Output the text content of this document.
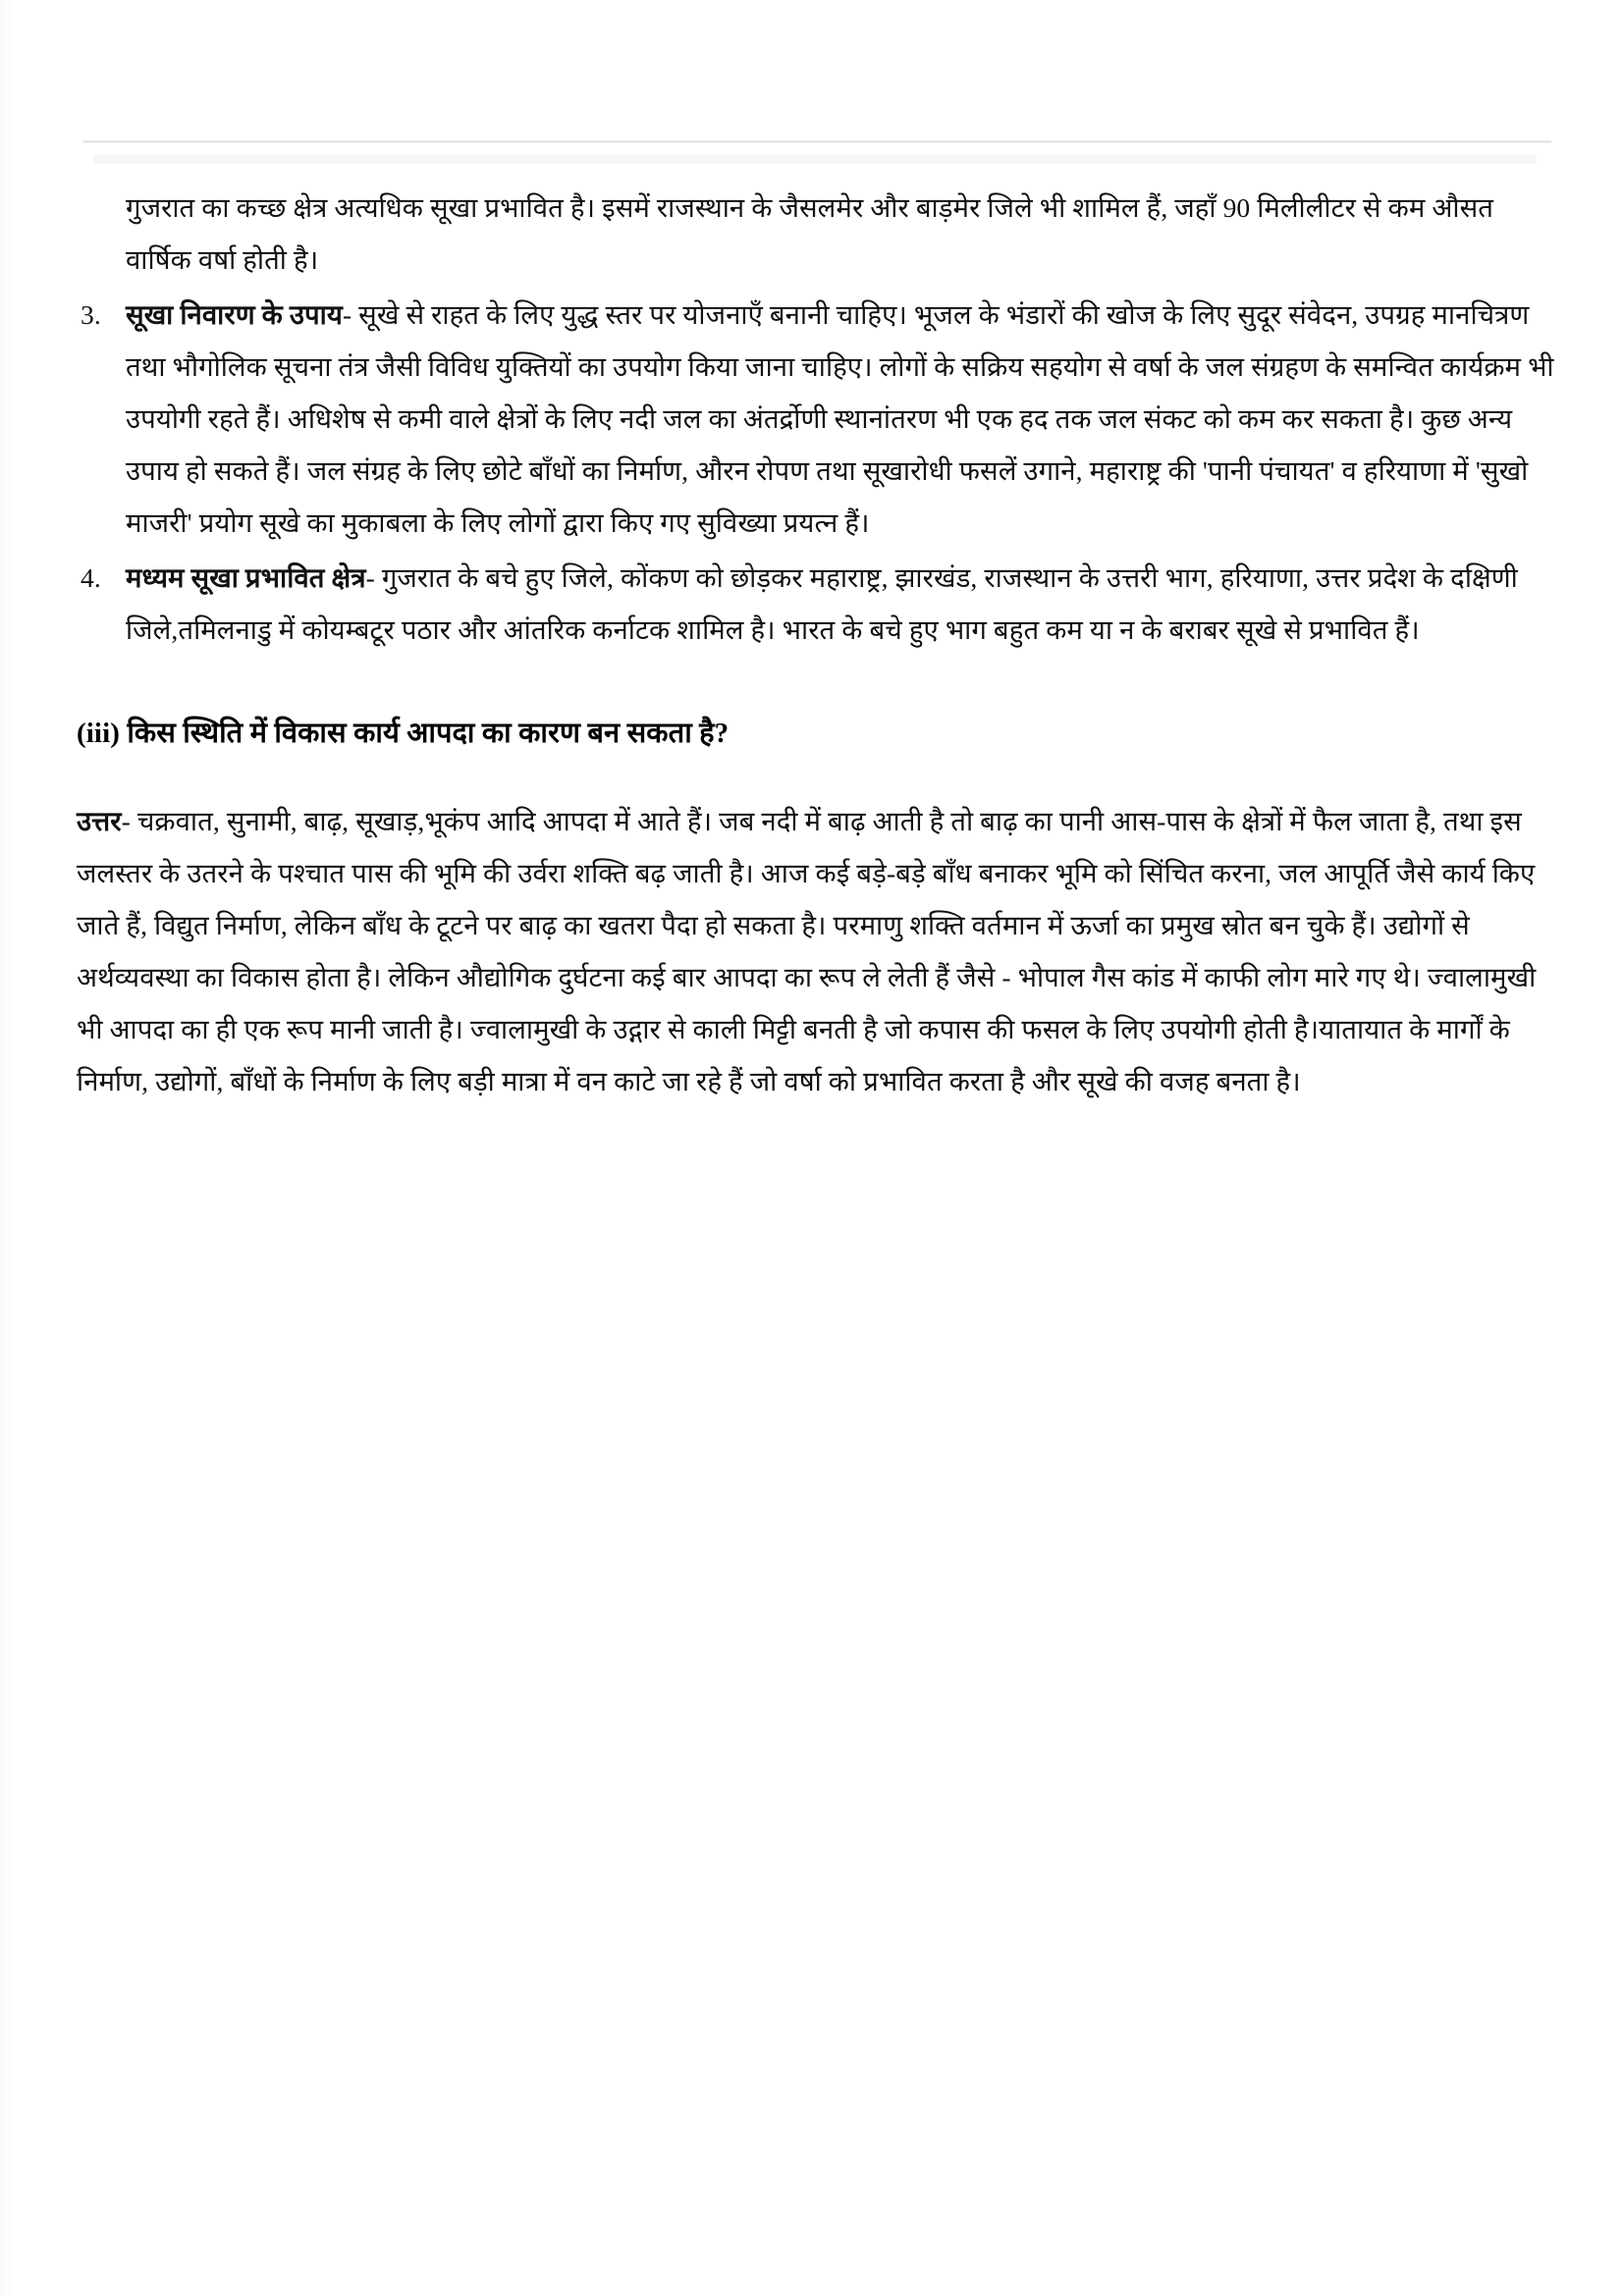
गुजरात का कच्छ क्षेत्र अत्यधिक सूखा प्रभावित है। इसमें राजस्थान के जैसलमेर और बाड़मेर जिले भी शामिल हैं, जहाँ 90 मिलीलीटर से कम औसत वार्षिक वर्षा होती है।

3. सूखा निवारण के उपाय- सूखे से राहत के लिए युद्ध स्तर पर योजनाएँ बनानी चाहिए। भूजल के भंडारों की खोज के लिए सुदूर संवेदन, उपग्रह मानचित्रण तथा भौगोलिक सूचना तंत्र जैसी विविध युक्तियों का उपयोग किया जाना चाहिए। लोगों के सक्रिय सहयोग से वर्षा के जल संग्रहण के समन्वित कार्यक्रम भी उपयोगी रहते हैं। अधिशेष से कमी वाले क्षेत्रों के लिए नदी जल का अंतर्द्रोणी स्थानांतरण भी एक हद तक जल संकट को कम कर सकता है। कुछ अन्य उपाय हो सकते हैं। जल संग्रह के लिए छोटे बाँधों का निर्माण, औरन रोपण तथा सूखारोधी फसलें उगाने, महाराष्ट्र की 'पानी पंचायत' व हरियाणा में 'सुखो माजरी' प्रयोग सूखे का मुकाबला के लिए लोगों द्वारा किए गए सुविख्या प्रयत्न हैं।
4. मध्यम सूखा प्रभावित क्षेत्र- गुजरात के बचे हुए जिले, कोंकण को छोड़कर महाराष्ट्र, झारखंड, राजस्थान के उत्तरी भाग, हरियाणा, उत्तर प्रदेश के दक्षिणी जिले,तमिलनाडु में कोयम्बटूर पठार और आंतरिक कर्नाटक शामिल है। भारत के बचे हुए भाग बहुत कम या न के बराबर सूखे से प्रभावित हैं।

(iii) किस स्थिति में विकास कार्य आपदा का कारण बन सकता है?

उत्तर- चक्रवात, सुनामी, बाढ़, सूखाड़,भूकंप आदि आपदा में आते हैं। जब नदी में बाढ़ आती है तो बाढ़ का पानी आस-पास के क्षेत्रों में फैल जाता है, तथा इस जलस्तर के उतरने के पश्चात पास की भूमि की उर्वरा शक्ति बढ़ जाती है। आज कई बड़े-बड़े बाँध बनाकर भूमि को सिंचित करना, जल आपूर्ति जैसे कार्य किए जाते हैं, विद्युत निर्माण, लेकिन बाँध के टूटने पर बाढ़ का खतरा पैदा हो सकता है। परमाणु शक्ति वर्तमान में ऊर्जा का प्रमुख स्रोत बन चुके हैं। उद्योगों से अर्थव्यवस्था का विकास होता है। लेकिन औद्योगिक दुर्घटना कई बार आपदा का रूप ले लेती हैं जैसे - भोपाल गैस कांड में काफी लोग मारे गए थे। ज्वालामुखी भी आपदा का ही एक रूप मानी जाती है। ज्वालामुखी के उद्गार से काली मिट्टी बनती है जो कपास की फसल के लिए उपयोगी होती है।यातायात के मार्गों के निर्माण, उद्योगों, बाँधों के निर्माण के लिए बड़ी मात्रा में वन काटे जा रहे हैं जो वर्षा को प्रभावित करता है और सूखे की वजह बनता है।
